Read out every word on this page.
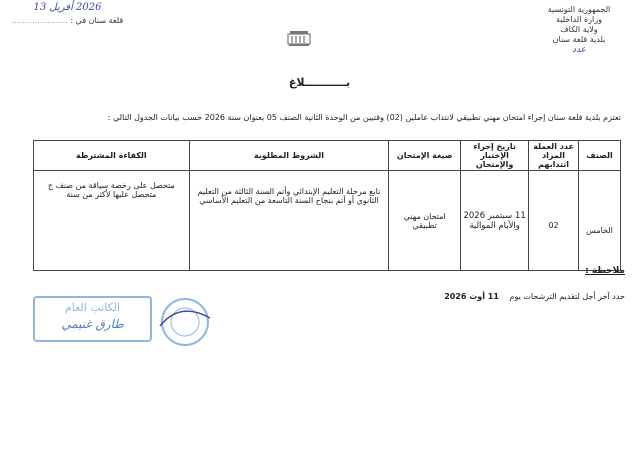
الجمهورية التونسية
وزارة الداخلية
ولاية الكاف
بلدية قلعة سنان
عدد
2026 أفريل 13
قلعة سنان في : ......................
بـــــــــــلاغ
تعتزم بلدية قلعة سنان إجراء امتحان مهني تطبيقي لانتداب عاملين (02) وقتيين من الوحدة الثانية الصنف 05 بعنوان سنة 2026 حسب بيانات الجدول التالي :
الصنف	عدد العملة المراد انتدابهم	تاريخ إجراء الإختبار والإمتحان	صيغة الإمتحان	الشروط المطلوبة	الكفاءة المشترطة
الخامس	02	11 سبتمبر 2026 والأيام الموالية	امتحان مهني تطبيقي	تابع مرحلة التعليم الإبتدائي وأتم السنة الثالثة من التعليم الثانوي أو أتم بنجاح السنة التاسعة من التعليم الأساسي	متحصل على رخصة سياقة من صنف ج متحصل عليها لأكثر من سنة
ملاحظة :
حدد آخر أجل لتقديم الترشحات يوم 11 أوت 2026
الكاتب العام
طارق غنيمي
